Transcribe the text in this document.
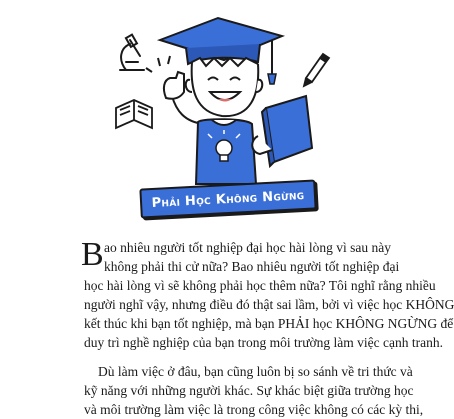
Phải Học Không Ngừng
B ao nhiêu người tốt nghiệp đại học hài lòng vì sau này
không phải thi cử nữa? Bao nhiêu người tốt nghiệp đại
học hài lòng vì sẽ không phải học thêm nữa? Tôi nghĩ rằng nhiều
người nghĩ vậy, nhưng điều đó thật sai lầm, bởi vì việc học KHÔNG
kết thúc khi bạn tốt nghiệp, mà bạn PHẢI học KHÔNG NGỪNG để
duy trì nghề nghiệp của bạn trong môi trường làm việc cạnh tranh.
Dù làm việc ở đâu, bạn cũng luôn bị so sánh về tri thức và
kỹ năng với những người khác. Sự khác biệt giữa trường học
và môi trường làm việc là trong công việc không có các kỳ thi,
